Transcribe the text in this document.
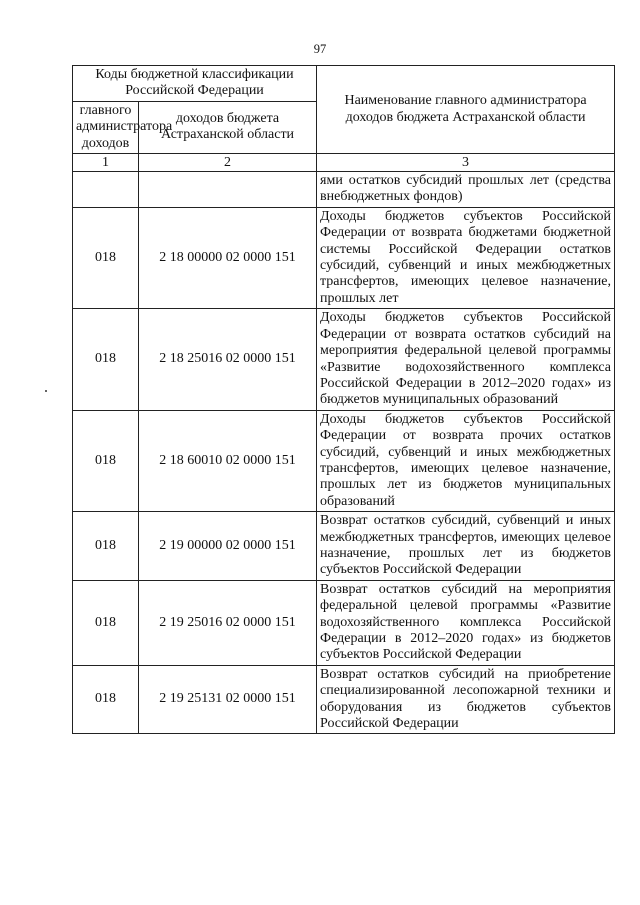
97
Коды бюджетной классификации Российской Федерации		Наименование главного администратора доходов бюджета Астраханской области
главного администратора доходов	доходов бюджета Астраханской области	
1	2	3
		ями остатков субсидий прошлых лет (средства внебюджетных фондов)
018	2 18 00000 02 0000 151	Доходы бюджетов субъектов Российской Федерации от возврата бюджетами бюджетной системы Российской Федерации остатков субсидий, субвенций и иных межбюджетных трансфертов, имеющих целевое назначение, прошлых лет
018	2 18 25016 02 0000 151	Доходы бюджетов субъектов Российской Федерации от возврата остатков субсидий на мероприятия федеральной целевой программы «Развитие водохозяйственного комплекса Российской Федерации в 2012–2020 годах» из бюджетов муниципальных образований
018	2 18 60010 02 0000 151	Доходы бюджетов субъектов Российской Федерации от возврата прочих остатков субсидий, субвенций и иных межбюджетных трансфертов, имеющих целевое назначение, прошлых лет из бюджетов муниципальных образований
018	2 19 00000 02 0000 151	Возврат остатков субсидий, субвенций и иных межбюджетных трансфертов, имеющих целевое назначение, прошлых лет из бюджетов субъектов Российской Федерации
018	2 19 25016 02 0000 151	Возврат остатков субсидий на мероприятия федеральной целевой программы «Развитие водохозяйственного комплекса Российской Федерации в 2012–2020 годах» из бюджетов субъектов Российской Федерации
018	2 19 25131 02 0000 151	Возврат остатков субсидий на приобретение специализированной лесопожарной техники и оборудования из бюджетов субъектов Российской Федерации
